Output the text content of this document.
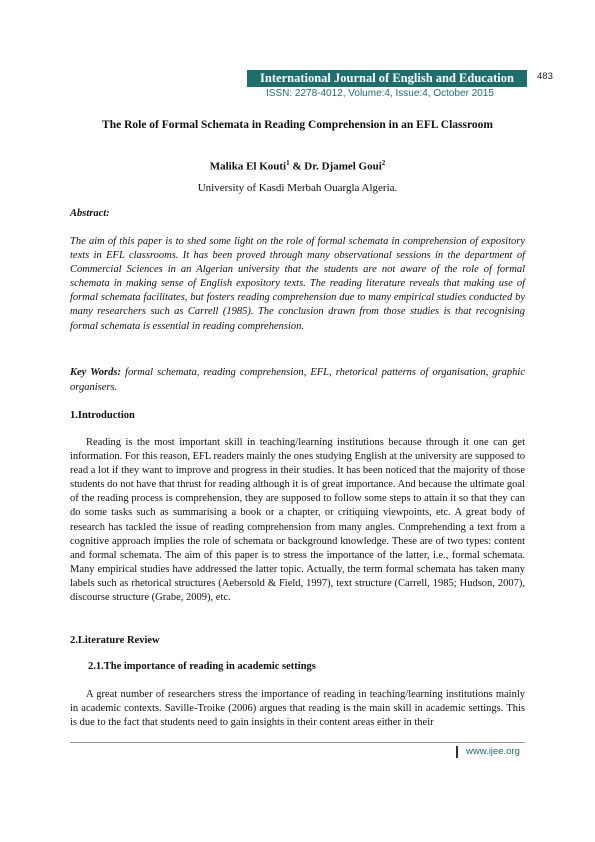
International Journal of English and Education	483
ISSN: 2278-4012, Volume:4, Issue:4, October 2015
The Role of Formal Schemata in Reading Comprehension in an EFL Classroom
Malika El Kouti$^1$ & Dr. Djamel Goui$^2$
University of Kasdi Merbah Ouargla Algeria.
Abstract:

The aim of this paper is to shed some light on the role of formal schemata in comprehension of expository texts in EFL classrooms. It has been proved through many observational sessions in the department of Commercial Sciences in an Algerian university that the students are not aware of the role of formal schemata in making sense of English expository texts. The reading literature reveals that making use of formal schemata facilitates, but fosters reading comprehension due to many empirical studies conducted by many researchers such as Carrell (1985). The conclusion drawn from those studies is that recognising formal schemata is essential in reading comprehension.

Key Words: formal schemata, reading comprehension, EFL, rhetorical patterns of organisation, graphic organisers.

1.Introduction

Reading is the most important skill in teaching/learning institutions because through it one can get information. For this reason, EFL readers mainly the ones studying English at the university are supposed to read a lot if they want to improve and progress in their studies. It has been noticed that the majority of those students do not have that thrust for reading although it is of great importance. And because the ultimate goal of the reading process is comprehension, they are supposed to follow some steps to attain it so that they can do some tasks such as summarising a book or a chapter, or critiquing viewpoints, etc. A great body of research has tackled the issue of reading comprehension from many angles. Comprehending a text from a cognitive approach implies the role of schemata or background knowledge. These are of two types: content and formal schemata. The aim of this paper is to stress the importance of the latter, i.e., formal schemata. Many empirical studies have addressed the latter topic. Actually, the term formal schemata has taken many labels such as rhetorical structures (Aebersold & Field, 1997), text structure (Carrell, 1985; Hudson, 2007), discourse structure (Grabe, 2009), etc.

2.Literature Review
2.1.The importance of reading in academic settings

A great number of researchers stress the importance of reading in teaching/learning institutions mainly in academic contexts. Saville-Troike (2006) argues that reading is the main skill in academic settings. This is due to the fact that students need to gain insights in their content areas either in their

www.ijee.org
